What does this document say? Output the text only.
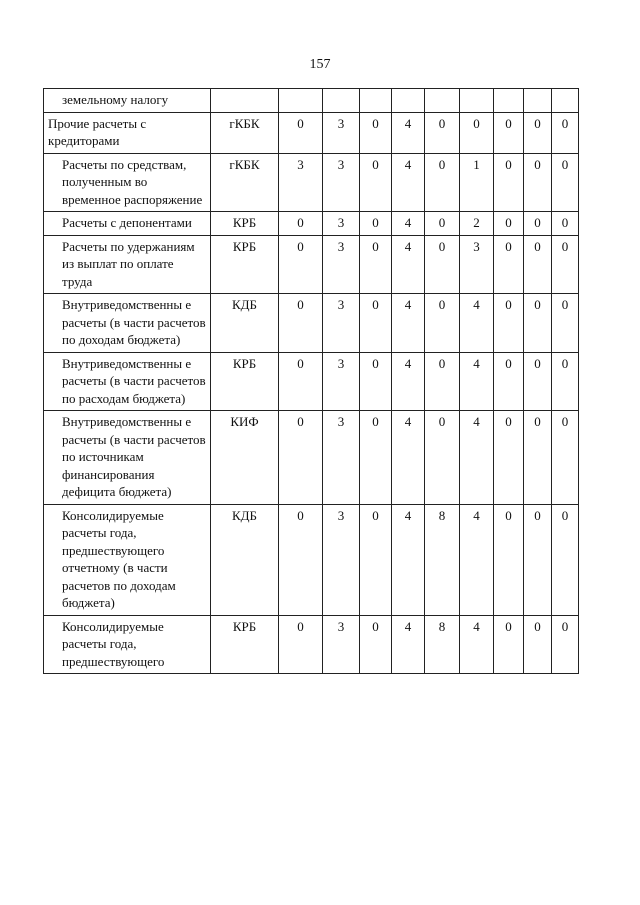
157
земельному налогу										
Прочие расчеты с кредиторами	гКБК	0	3	0	4	0	0	0	0	0
Расчеты по средствам, полученным во временное распоряжение	гКБК	3	3	0	4	0	1	0	0	0
Расчеты с депонентами	КРБ	0	3	0	4	0	2	0	0	0
Расчеты по удержаниям из выплат по оплате труда	КРБ	0	3	0	4	0	3	0	0	0
Внутриведомственны е расчеты (в части расчетов по доходам бюджета)	КДБ	0	3	0	4	0	4	0	0	0
Внутриведомственны е расчеты (в части расчетов по расходам бюджета)	КРБ	0	3	0	4	0	4	0	0	0
Внутриведомственны е расчеты (в части расчетов по источникам финансирования дефицита бюджета)	КИФ	0	3	0	4	0	4	0	0	0
Консолидируемые расчеты года, предшествующего отчетному (в части расчетов по доходам бюджета)	КДБ	0	3	0	4	8	4	0	0	0
Консолидируемые расчеты года, предшествующего	КРБ	0	3	0	4	8	4	0	0	0
